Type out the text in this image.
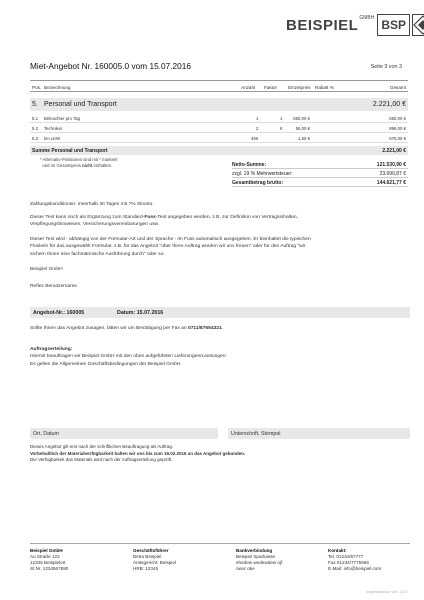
BEISPIEL GMBH BSP
Miet-Angebot Nr. 160005.0 vom 15.07.2016	Seite 3 von 3
Pos. Bezeichnung	Anzahl Faktor Einzelpreis Rabatt %	Gesamt
5. Personal und Transport	2.221,00 €
5.1 Beleuchter pro Tag	1	1	650,00 €	650,00 €
5.2 Techniker	2	8	56,00 €	896,00 €
5.3 km LKW	450	1,50 €	675,00 €
Summe Personal und Transport	2.221,00 €
* Alternativ-Positionen sind mit * markiert
und im Gesamtpreis nicht enthalten.	Netto-Summe:	121.530,90 €
zzgl. 19 % Mehrwertsteuer:	23.090,87 €
Gesamtbetrag brutto:	144.621,77 €
Zahlungskonditionen: innerhalb 30 Tagen mit 7% Skonto.
Dieser Text kann noch als Ergänzung zum Standard-Fuss-Text angegeben werden, z.B. zur Definition von Vertragsinhalten,
Verpflegungshinweisen, Versicherungsvereinbarungen usw.
Dieser Text wird - abhängig von der Formular-Art und der Sprache - im Fuss automatisch ausgegeben. Er beinhaltet die typischen
Floskeln für das ausgewählt Formular, z.B. für das Angebot "über Ihren Auftrag würden wir uns freuen" oder für den Auftrag "wir
sichern Ihnen eine fachmännische Ausführung durch" oder so.
Beispiel GmbH
Reflex Benutzername
Angebot-Nr.: 160005	Datum: 15.07.2016
Sollte Ihnen das Angebot zusagen, bitten wir um Bestätigung per Fax an 0711/87654321.
Auftragserteilung:
Hiermit beauftragen wir Beispiel GmbH mit den oben aufgeführten Lieferungen/Leistungen:
Es gelten die Allgemeinen Geschäftsbedingungen der Beispiel GmbH.
Ort, Datum	Unterschrift, Stempel
Dieses Angebot gilt erst nach der schriftlichen Beauftragung als Auftrag.
Vorbehaltlich der Materialverfügbarkeit halten wir uns bis zum 19.02.2016 an das Angebot gebunden.
Die Verfügbarkeit das Materials wird nach der Auftragserteilung geprüft.
Beispiel GmbH
Au Straße 122
12345 Beispielort
St.Nr. 1234567890
Geschäftsführer
Betra Beispiel
Amtsgericht: Beispiel
HRB: 12345
Bankverbindung
Beispiel Sparkasse
ehedew wedewdew ojf
owor oke
Kontakt:
Tel. 01234/87777
Fax 01234/7775566
E-Mail: info@beispiel.com
Angebotsdruck: Vorl. 1.217
